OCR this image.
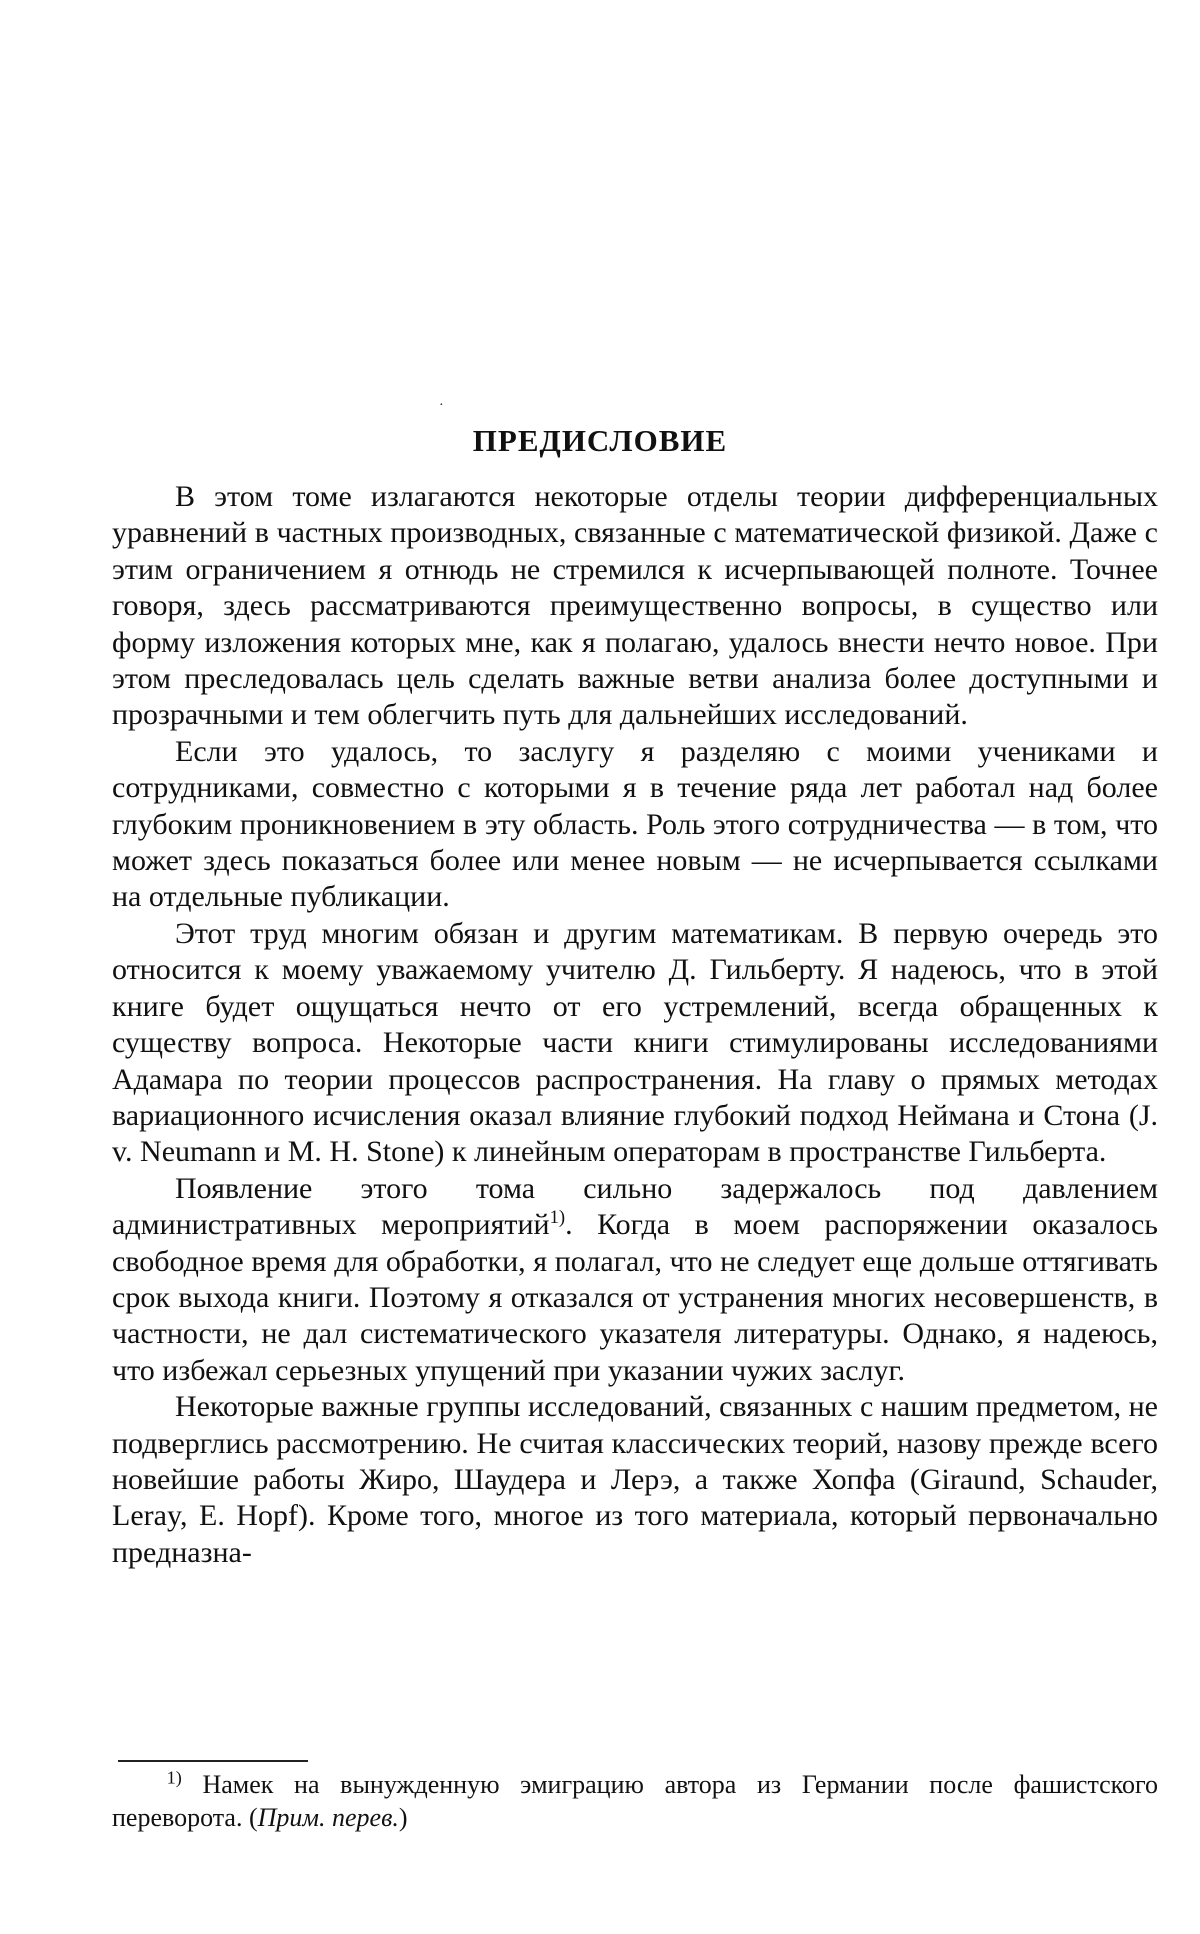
·
ПРЕДИСЛОВИЕ

В этом томе излагаются некоторые отделы теории дифференциальных уравнений в частных производных, связанные с математической физикой. Даже с этим ограничением я отнюдь не стремился к исчерпывающей полноте. Точнее говоря, здесь рассматриваются преимущественно вопросы, в существо или форму изложения которых мне, как я полагаю, удалось внести нечто новое. При этом преследовалась цель сделать важные ветви анализа более доступными и прозрачными и тем облегчить путь для дальнейших исследований.

Если это удалось, то заслугу я разделяю с моими учениками и сотрудниками, совместно с которыми я в течение ряда лет работал над более глубоким проникновением в эту область. Роль этого сотрудничества — в том, что может здесь показаться более или менее новым — не исчерпывается ссылками на отдельные публикации.

Этот труд многим обязан и другим математикам. В первую очередь это относится к моему уважаемому учителю Д. Гильберту. Я надеюсь, что в этой книге будет ощущаться нечто от его устремлений, всегда обращенных к существу вопроса. Некоторые части книги стимулированы исследованиями Адамара по теории процессов распространения. На главу о прямых методах вариационного исчисления оказал влияние глубокий подход Неймана и Стона (J. v. Neumann и M. H. Stone) к линейным операторам в пространстве Гильберта.

Появление этого тома сильно задержалось под давлением административных мероприятий$^{1)}$. Когда в моем распоряжении оказалось свободное время для обработки, я полагал, что не следует еще дольше оттягивать срок выхода книги. Поэтому я отказался от устранения многих несовершенств, в частности, не дал систематического указателя литературы. Однако, я надеюсь, что избежал серьезных упущений при указании чужих заслуг.

Некоторые важные группы исследований, связанных с нашим предметом, не подверглись рассмотрению. Не считая классических теорий, назову прежде всего новейшие работы Жиро, Шаудера и Лерэ, а также Хопфа (Giraund, Schauder, Leray, E. Hopf). Кроме того, многое из того материала, который первоначально предназна-

$^{1)}$ Намек на вынужденную эмиграцию автора из Германии после фашистского переворота. (Прим. перев.)
